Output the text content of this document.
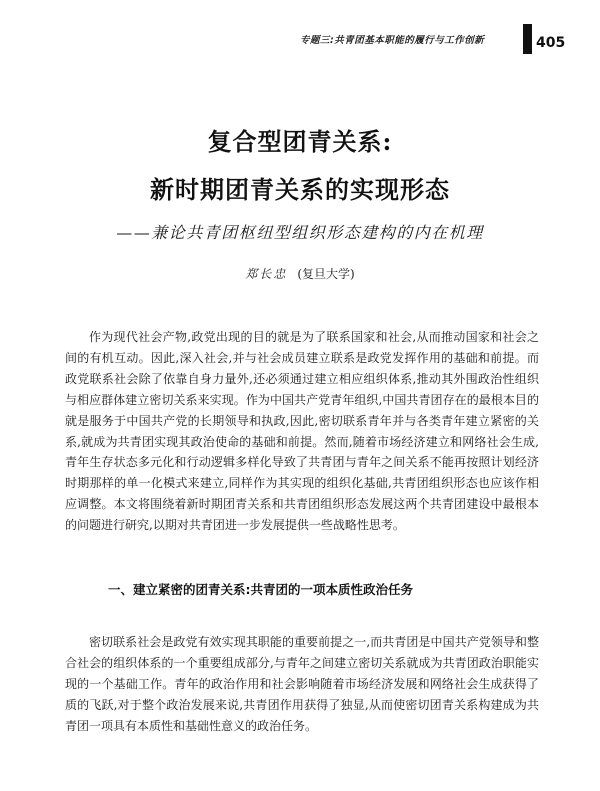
专题三:共青团基本职能的履行与工作创新	405
复合型团青关系:
新时期团青关系的实现形态
——兼论共青团枢纽型组织形态建构的内在机理
郑长忠 (复旦大学)

作为现代社会产物,政党出现的目的就是为了联系国家和社会,从而推动国家和社会之间的有机互动。因此,深入社会,并与社会成员建立联系是政党发挥作用的基础和前提。而政党联系社会除了依靠自身力量外,还必须通过建立相应组织体系,推动其外围政治性组织与相应群体建立密切关系来实现。作为中国共产党青年组织,中国共青团存在的最根本目的就是服务于中国共产党的长期领导和执政,因此,密切联系青年并与各类青年建立紧密的关系,就成为共青团实现其政治使命的基础和前提。然而,随着市场经济建立和网络社会生成,青年生存状态多元化和行动逻辑多样化导致了共青团与青年之间关系不能再按照计划经济时期那样的单一化模式来建立,同样作为其实现的组织化基础,共青团组织形态也应该作相应调整。本文将围绕着新时期团青关系和共青团组织形态发展这两个共青团建设中最根本的问题进行研究,以期对共青团进一步发展提供一些战略性思考。

一、建立紧密的团青关系:共青团的一项本质性政治任务

密切联系社会是政党有效实现其职能的重要前提之一,而共青团是中国共产党领导和整合社会的组织体系的一个重要组成部分,与青年之间建立密切关系就成为共青团政治职能实现的一个基础工作。青年的政治作用和社会影响随着市场经济发展和网络社会生成获得了质的飞跃,对于整个政治发展来说,共青团作用获得了独显,从而使密切团青关系构建成为共青团一项具有本质性和基础性意义的政治任务。
